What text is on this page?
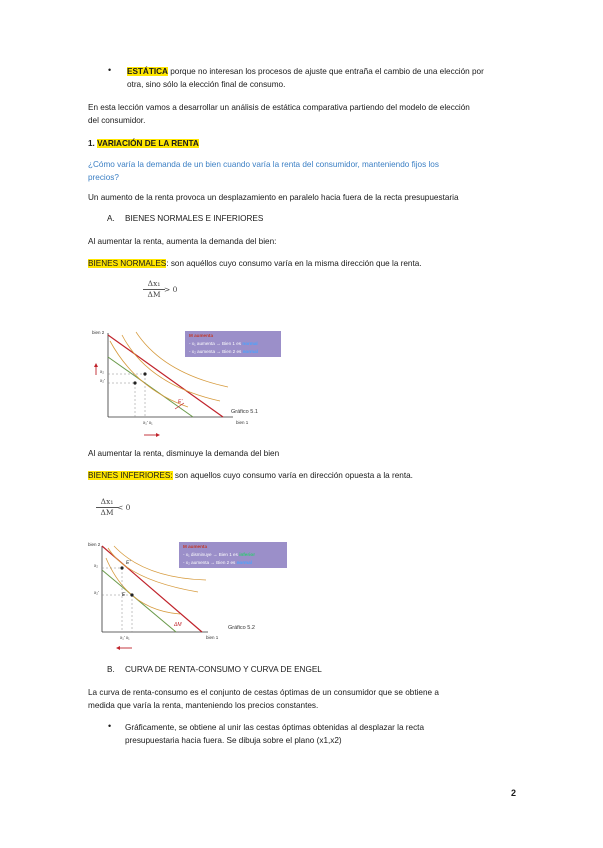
• ESTÁTICA porque no interesan los procesos de ajuste que entraña el cambio de una elección por
otra, sino sólo la elección final de consumo.
En esta lección vamos a desarrollar un análisis de estática comparativa partiendo del modelo de elección
del consumidor.
1. VARIACIÓN DE LA RENTA
¿Cómo varía la demanda de un bien cuando varía la renta del consumidor, manteniendo fijos los
precios?
Un aumento de la renta provoca un desplazamiento en paralelo hacia fuera de la recta presupuestaria
A. BIENES NORMALES E INFERIORES
Al aumentar la renta, aumenta la demanda del bien:
BIENES NORMALES: son aquéllos cuyo consumo varía en la misma dirección que la renta.
$\frac{\text{Δx₁}}{\Delta M} > 0$
bien 2
bien 1
x₂
x₂'
x₁' x₁
E'
M aumenta
- x₁ aumenta → Bien 1 es normal
- x₂ aumenta → Bien 2 es normal
Gráfico 5.1
Al aumentar la renta, disminuye la demanda del bien
BIENES INFERIORES: son aquellos cuyo consumo varía en dirección opuesta a la renta.
$\frac{\text{Δx₁}}{\Delta M} < 0$
bien 2
bien 1
x₂
x₂'
x₁' x₁
E'
E
ΔM
M aumenta
- x₁ disminuye → Bien 1 es inferior
- x₂ aumenta → Bien 2 es normal
Gráfico 5.2
B. CURVA DE RENTA-CONSUMO Y CURVA DE ENGEL
La curva de renta-consumo es el conjunto de cestas óptimas de un consumidor que se obtiene a
medida que varía la renta, manteniendo los precios constantes.
• Gráficamente, se obtiene al unir las cestas óptimas obtenidas al desplazar la recta
presupuestaria hacia fuera. Se dibuja sobre el plano (x1,x2)
2
